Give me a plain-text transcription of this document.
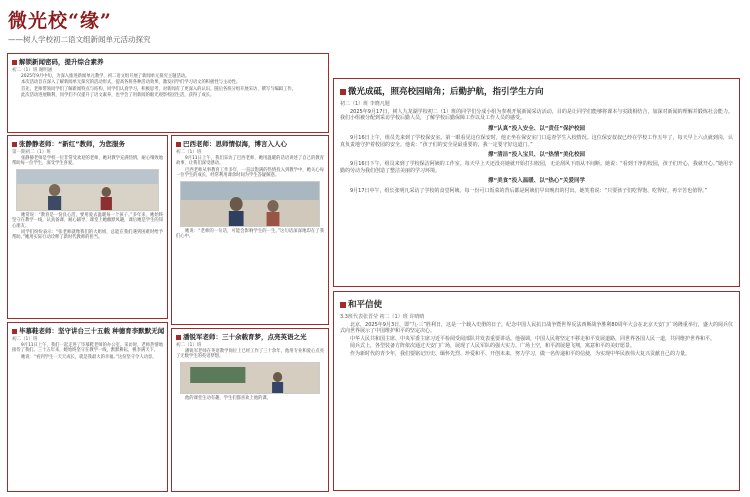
微光校“缘”
——树人学校初二语文组新闻单元活动探究
解锁新闻密码，提升综合素养
初二（1）班 谢明涵

2025年9月中旬，为深入推进新闻单元教学，初二语文组开展了新闻单元探究主题活动。

本次活动旨在深入了解新闻单元探究的活动形式，提高各班各种活动效果，激发同学们学习语文的积极性与主动性。

首先，老师带领同学们了解新闻特点与结构，同学们认真学习，积极思考，对新闻有了更深入的认识。随后各班分组开展采访、撰写与编辑工作。

此次活动进展顺利，同学们不仅提升了语文素养，也学会了用新闻的眼光观察校园生活，获得了成长。

张静静老师：“新红”教师，为您服务
第一期初二（1）班

张静静老师是学校一位非常受欢迎的老师，她对教学充满热情，耐心细致地帮助每一位学生，深受学生喜爱。

她常说：“教育是一份良心活，要用爱去温暖每一个孩子。”多年来，她始终坚守在教学一线，认真备课、耐心辅导，课堂上她幽默风趣，课后她是学生的知心朋友。

同学们纷纷表示：“张老师就像我们的大姐姐，总能在我们遇到困难时给予帮助。”她用实际行动诠释了新时代教师的担当。

毕慕鞋老师：坚守讲台三十五载 种德育李默默无闻
初二（1）班

9月11日上午，我们一起走进了毕慕鞋老师的办公室。采访时，老师热情地接待了我们。三十五年来，她始终坚守在教学一线，默默耕耘，桃李满天下。

她说：“看到学生一天天成长，就是我最大的幸福。”这份坚守令人动容。

巴西老师：思师情似海，博言入人心
初二（1）班

9月11日上午，我们采访了巴西老师，她用温暖的话语讲述了自己的教育故事，让我们深受感动。

巴西老师从事教育工作多年，一直以饱满的热情投入到教学中，她关心每一位学生的成长，经常利用课余时间为学生答疑解惑。

她说：“老师的一句话，可能会影响学生的一生。”这句话深深地印在了我们心中。

潘锐军老师：三十余载育梦，点亮英语之光
初二（1）班

潘锐军老师在英语教学岗位上已经工作了三十余年，他用专业和爱心点亮了无数学生的英语梦想。

他的课堂生动有趣，学生们都喜欢上他的课。

微光成砥，照亮校园暗角；后勤护航，指引学生方向
初二（1）班 李晓凡题

2025年9月17日，树人九龙湖学校初二（1）班的同学们分成小组为参观开展新闻采访活动，目的是让同学们能够将课本与实践相结合，加深对新闻的理解并锻炼社会能力。我们小组被分配到采访学校后勤人员，了解学校后勤保障工作以及工作人员的感受。

撑“认真”投入安全、以“责任”保护校园

9月16日上午，组员先来到了学校保安室。第一眼看见这位保安时，他正坐在保安室门口巡查学生入校情况。这位保安叔叔已经在学校工作五年了，每天早上六点就到岗，认真负责地守护着校园的安全。他说：“孩子们的安全是最重要的，我一定要守好这道门。”

撑“清洁”投入宝贝、以“热情”美化校园

9月16日下午，组员来到了学校保洁阿姨的工作室。每天早上天还没亮她就开始打扫校园，无论刮风下雨从不间断。她说：“看到干净的校园，孩子们开心，我就开心。”她用辛勤的劳动为我们创造了整洁美丽的学习环境。

撑“美食”投入温暖、以“热心”关爱同学

9月17日中午，组长张明凡采访了学校的食堂阿姨。每一份可口饭菜的背后都是阿姨们早出晚归的付出。她笑着说：“只要孩子们吃得饱、吃得好，再辛苦也值得。”

和平信使
3.3班代表张晋莹 初二（1）班 许晴晴

北京，2025年9月3日，即“九·三”胜利日，这是一个载入史册的日子。纪念中国人民抗日战争暨世界反法西斯战争胜利80周年大会在北京天安门广场隆重举行，盛大的阅兵仪式向世界展示了中国维护和平的坚定决心。

中华人民共和国主席、中央军委主席习近平检阅受阅部队并发表重要讲话。他强调，中国人民将坚定不移走和平发展道路，同世界各国人民一道，共同维护世界和平。

阅兵式上，各型装备方阵依次通过天安门广场，展现了人民军队的强大实力。广场上空，和平鸽展翅飞翔，寓意和平的美好愿景。

作为新时代的青少年，我们要铭记历史、缅怀先烈、珍爱和平、开创未来，努力学习，做一名传递和平的信使，为实现中华民族伟大复兴贡献自己的力量。
